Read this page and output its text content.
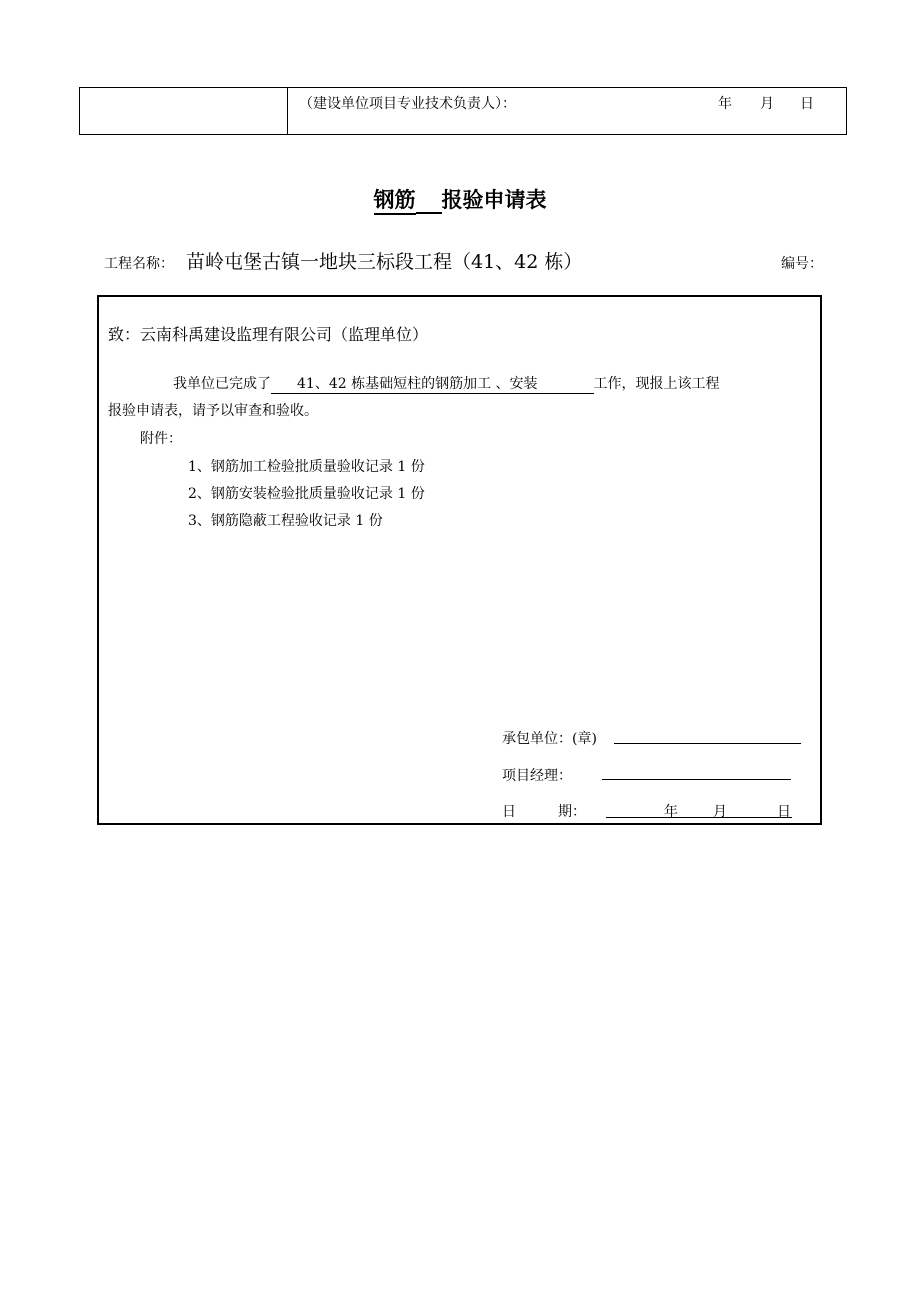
（建设单位项目专业技术负责人）：	年 月 日
钢筋 报验申请表
工程名称： 苗岭屯堡古镇一地块三标段工程（41、42 栋）	编号：
致：云南科禹建设监理有限公司（监理单位）
我单位已完成了 41、42 栋基础短柱的钢筋加工 、安装	工作，现报上该工程
报验申请表，请予以审查和验收。
附件：
1、钢筋加工检验批质量验收记录 1 份
2、钢筋安装检验批质量验收记录 1 份
3、钢筋隐蔽工程验收记录 1 份
承包单位：(章)
项目经理：
日	期：	年	月	日
